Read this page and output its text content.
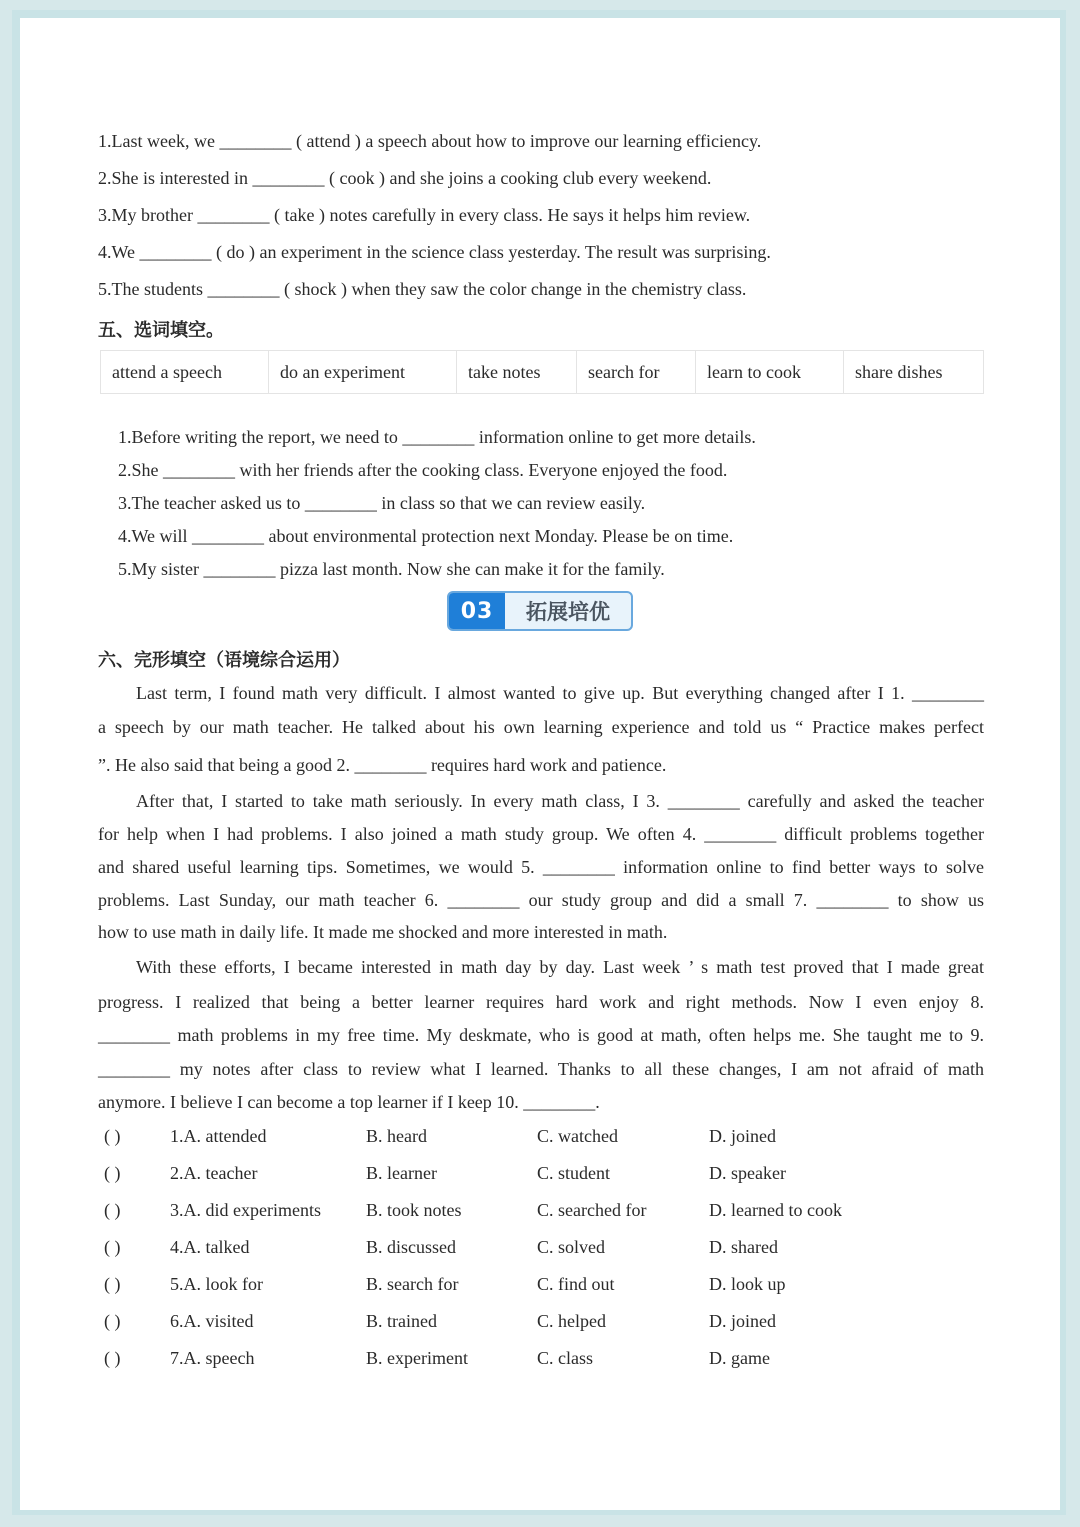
1.Last week, we ________ ( attend ) a speech about how to improve our learning efficiency.
2.She is interested in ________ ( cook ) and she joins a cooking club every weekend.
3.My brother ________ ( take ) notes carefully in every class. He says it helps him review.
4.We ________ ( do ) an experiment in the science class yesterday. The result was surprising.
5.The students ________ ( shock ) when they saw the color change in the chemistry class.
五、选词填空。
attend a speech	do an experiment	take notes	search for	learn to cook	share dishes
1.Before writing the report, we need to ________ information online to get more details.
2.She ________ with her friends after the cooking class. Everyone enjoyed the food.
3.The teacher asked us to ________ in class so that we can review easily.
4.We will ________ about environmental protection next Monday. Please be on time.
5.My sister ________ pizza last month. Now she can make it for the family.
03	拓展培优
六、完形填空（语境综合运用）
Last term, I found math very difficult. I almost wanted to give up. But everything changed after I 1. ________
a speech by our math teacher. He talked about his own learning experience and told us “ Practice makes perfect
”. He also said that being a good 2. ________ requires hard work and patience.
After that, I started to take math seriously. In every math class, I 3. ________ carefully and asked the teacher
for help when I had problems. I also joined a math study group. We often 4. ________ difficult problems together
and shared useful learning tips. Sometimes, we would 5. ________ information online to find better ways to solve
problems. Last Sunday, our math teacher 6. ________ our study group and did a small 7. ________ to show us
how to use math in daily life. It made me shocked and more interested in math.
With these efforts, I became interested in math day by day. Last week ’ s math test proved that I made great
progress. I realized that being a better learner requires hard work and right methods. Now I even enjoy 8.
________ math problems in my free time. My deskmate, who is good at math, often helps me. She taught me to 9.
________ my notes after class to review what I learned. Thanks to all these changes, I am not afraid of math
anymore. I believe I can become a top learner if I keep 10. ________.
( )	1.A. attended	B. heard	C. watched	D. joined
( )	2.A. teacher	B. learner	C. student	D. speaker
( )	3.A. did experiments	B. took notes	C. searched for	D. learned to cook
( )	4.A. talked	B. discussed	C. solved	D. shared
( )	5.A. look for	B. search for	C. find out	D. look up
( )	6.A. visited	B. trained	C. helped	D. joined
( )	7.A. speech	B. experiment	C. class	D. game
